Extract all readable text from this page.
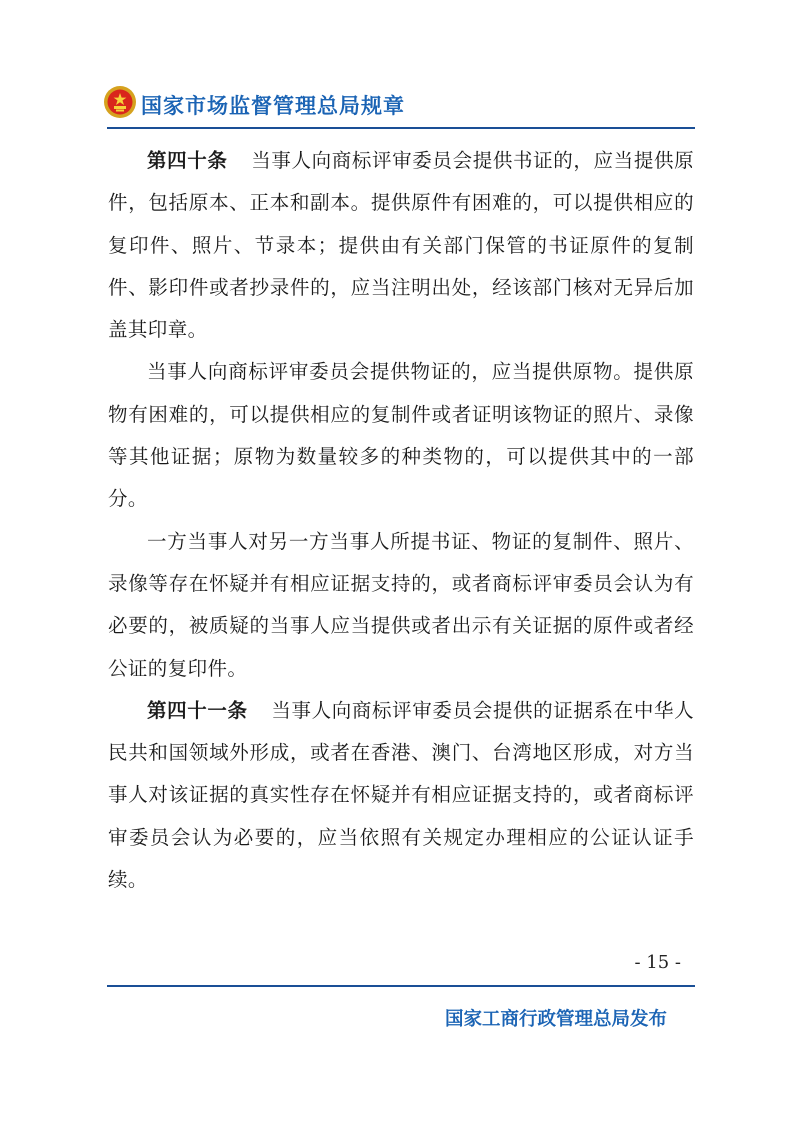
国家市场监督管理总局规章

第四十条 当事人向商标评审委员会提供书证的，应当提供原件，包括原本、正本和副本。提供原件有困难的，可以提供相应的复印件、照片、节录本；提供由有关部门保管的书证原件的复制件、影印件或者抄录件的，应当注明出处，经该部门核对无异后加盖其印章。

当事人向商标评审委员会提供物证的，应当提供原物。提供原物有困难的，可以提供相应的复制件或者证明该物证的照片、录像等其他证据；原物为数量较多的种类物的，可以提供其中的一部分。

一方当事人对另一方当事人所提书证、物证的复制件、照片、录像等存在怀疑并有相应证据支持的，或者商标评审委员会认为有必要的，被质疑的当事人应当提供或者出示有关证据的原件或者经公证的复印件。

第四十一条 当事人向商标评审委员会提供的证据系在中华人民共和国领域外形成，或者在香港、澳门、台湾地区形成，对方当事人对该证据的真实性存在怀疑并有相应证据支持的，或者商标评审委员会认为必要的，应当依照有关规定办理相应的公证认证手续。

- 15 -
国家工商行政管理总局发布
